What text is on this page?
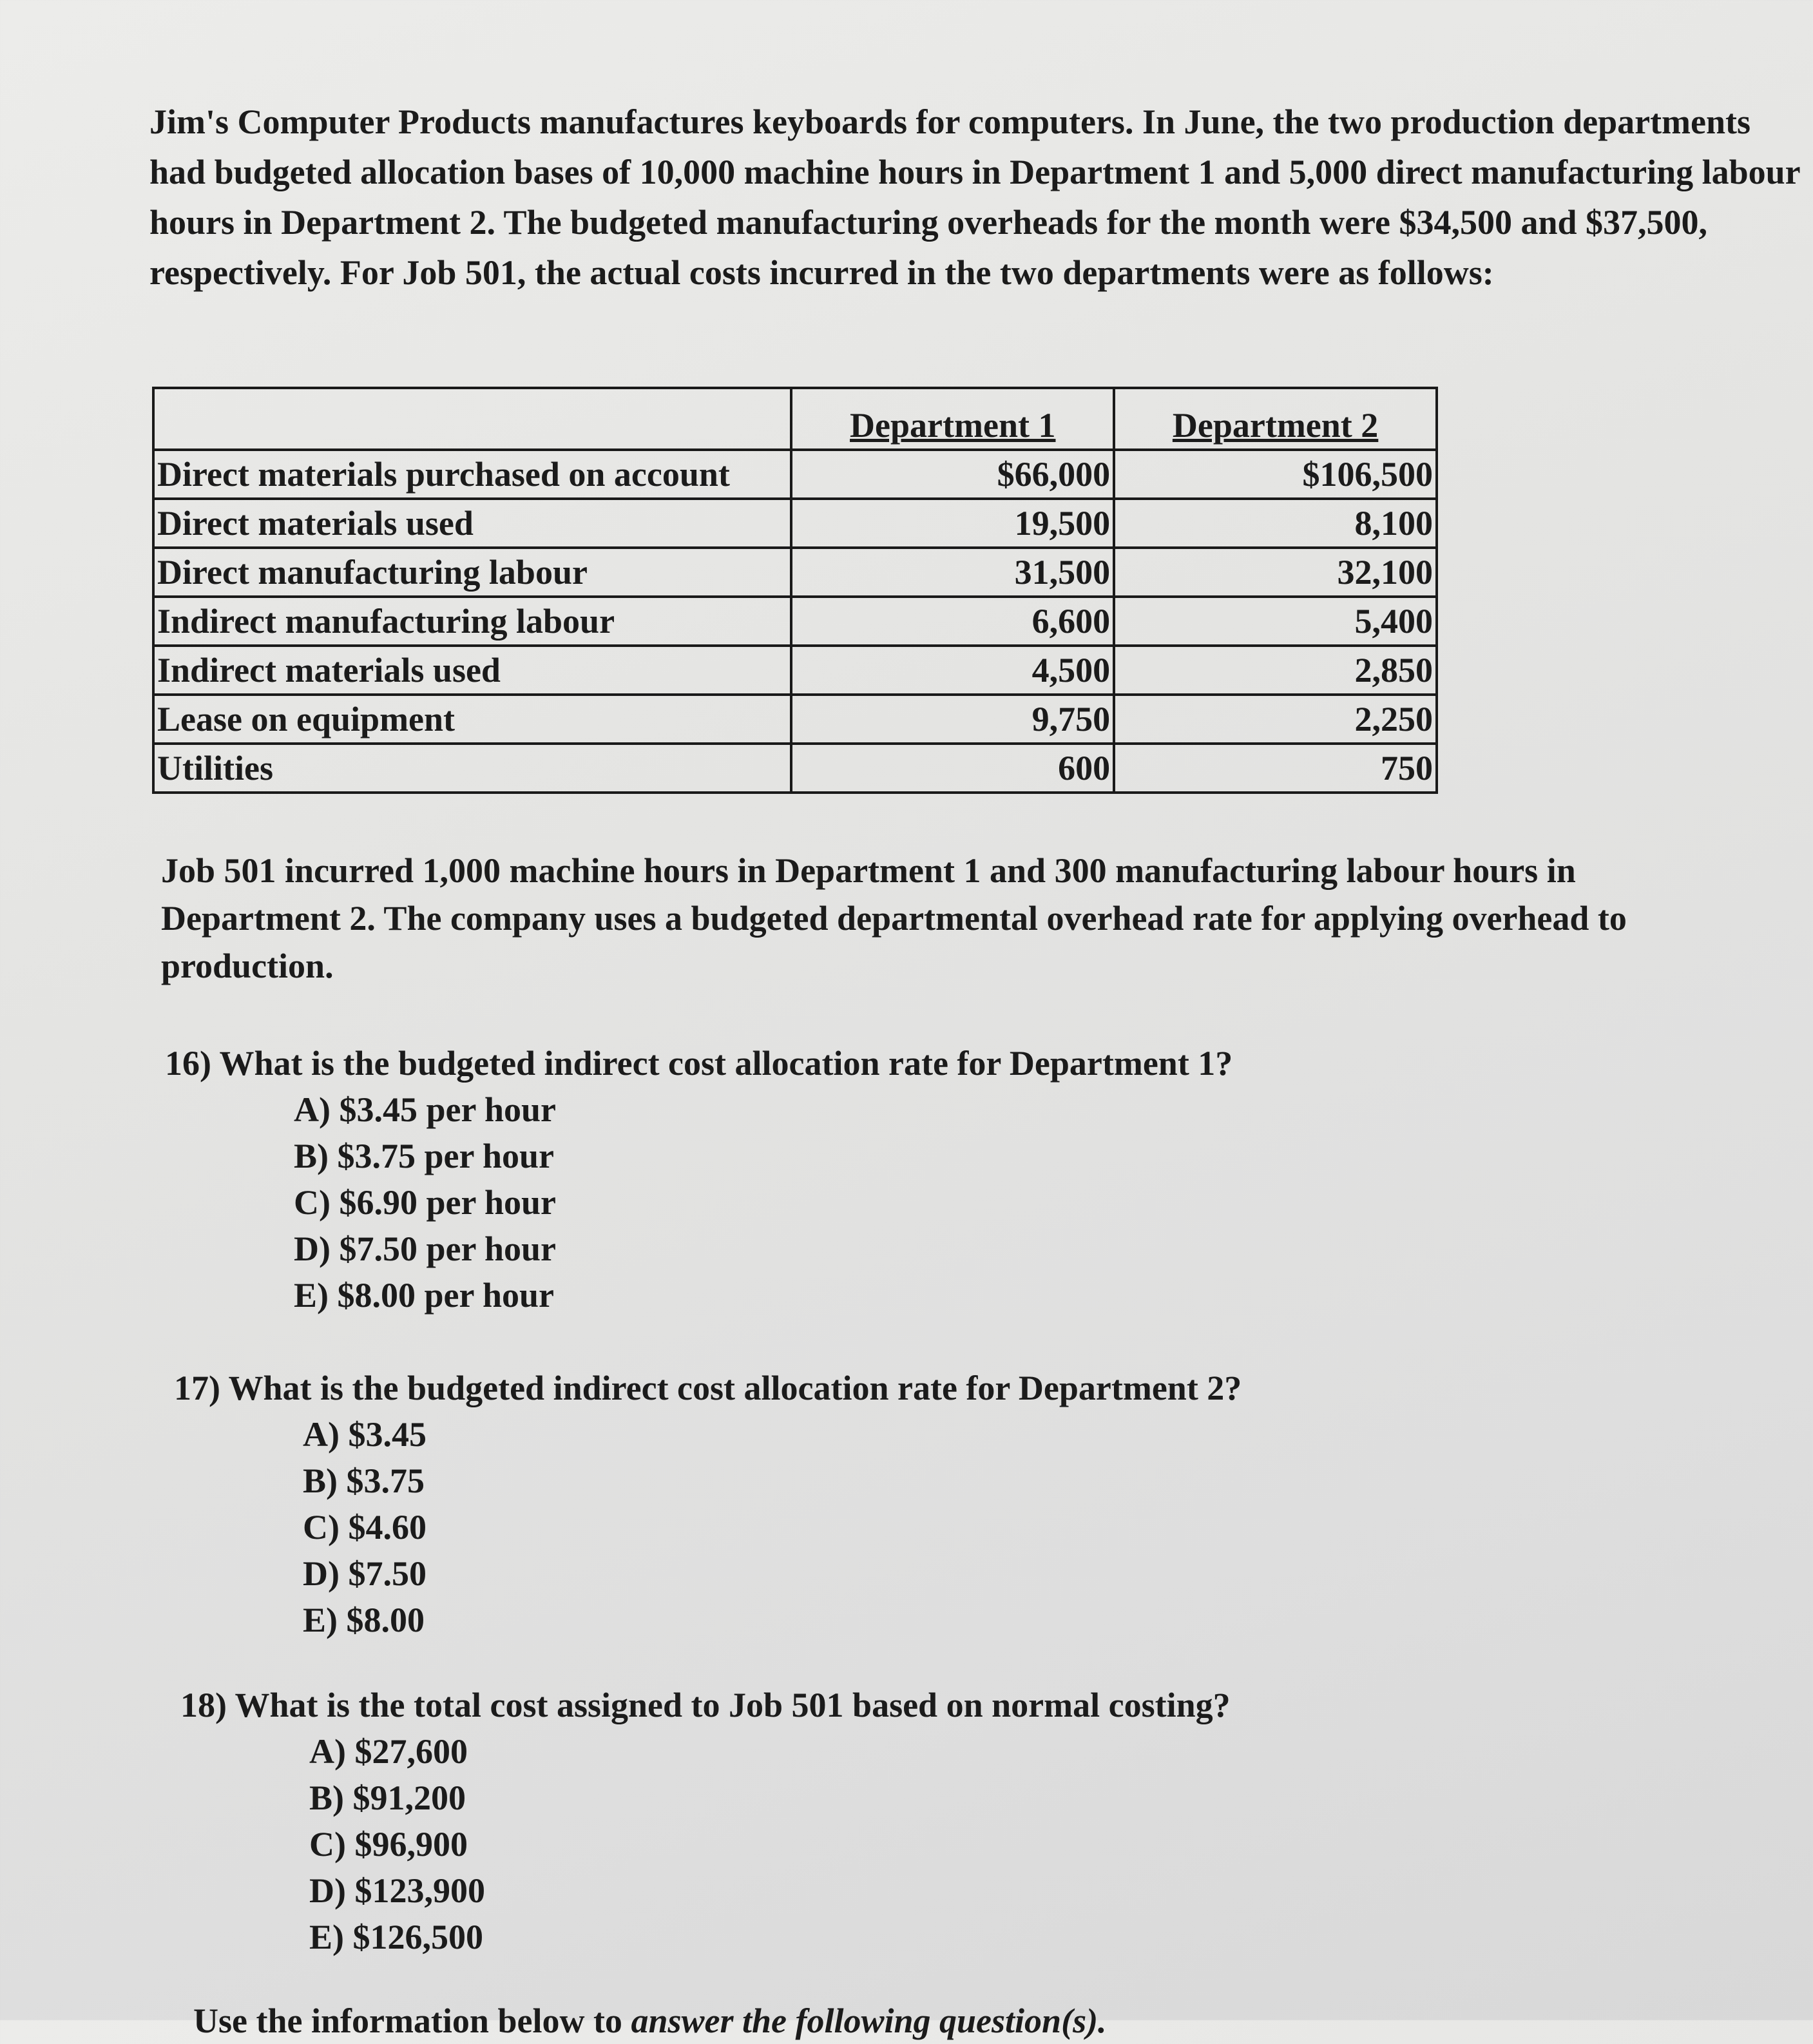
Jim's Computer Products manufactures keyboards for computers. In June, the two production departments had budgeted allocation bases of 10,000 machine hours in Department 1 and 5,000 direct manufacturing labour hours in Department 2. The budgeted manufacturing overheads for the month were $34,500 and $37,500, respectively. For Job 501, the actual costs incurred in the two departments were as follows:

	Department 1	Department 2
Direct materials purchased on account	$66,000	$106,500
Direct materials used	19,500	8,100
Direct manufacturing labour	31,500	32,100
Indirect manufacturing labour	6,600	5,400
Indirect materials used	4,500	2,850
Lease on equipment	9,750	2,250
Utilities	600	750

Job 501 incurred 1,000 machine hours in Department 1 and 300 manufacturing labour hours in Department 2. The company uses a budgeted departmental overhead rate for applying overhead to production.

16) What is the budgeted indirect cost allocation rate for Department 1?

A) $3.45 per hour
B) $3.75 per hour
C) $6.90 per hour
D) $7.50 per hour
E) $8.00 per hour

17) What is the budgeted indirect cost allocation rate for Department 2?

A) $3.45
B) $3.75
C) $4.60
D) $7.50
E) $8.00

18) What is the total cost assigned to Job 501 based on normal costing?

A) $27,600
B) $91,200
C) $96,900
D) $123,900
E) $126,500
Use the information below to answer the following question(s).
